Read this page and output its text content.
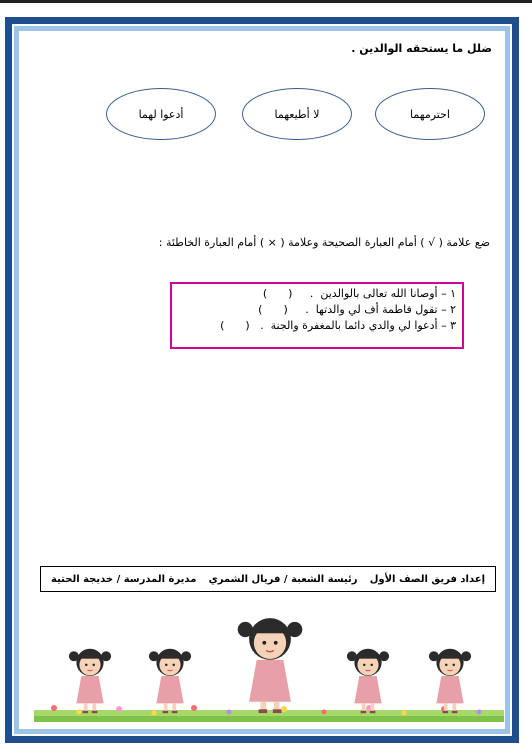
ضلل ما يستحقه الوالدين .
احترمهما
لا أطيعهما
أدعوا لهما
ضع علامة ( √ ) أمام العبارة الصحيحة وعلامة ( × ) أمام العبارة الخاطئة :
١ – أوصانا الله تعالى بالوالدين  .     (      )
٢ – تقول فاطمة أف لي والدتها  .     (      )
٣ – أدعوا لي والدي دائما بالمغفرة والجنة  .   (      )
إعداد فريق الصف الأول
رئيسة الشعبة / فريال الشمري
مديرة المدرسة / خديجة الحتية
